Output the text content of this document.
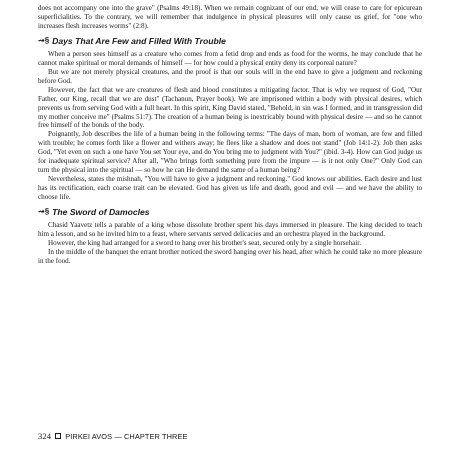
does not accompany one into the grave" (Psalms 49:18). When we remain cognizant of our end, we will cease to care for epicurean superficialities. To the contrary, we will remember that indulgence in physical pleasures will only cause us grief, for "one who increases flesh increases worms" (2:8).

⇝§ Days That Are Few and Filled With Trouble

When a person sees himself as a creature who comes from a fetid drop and ends as food for the worms, he may conclude that he cannot make spiritual or moral demands of himself — for how could a physical entity deny its corporeal nature?

But we are not merely physical creatures, and the proof is that our souls will in the end have to give a judgment and reckoning before God.

However, the fact that we are creatures of flesh and blood constitutes a mitigating factor. That is why we request of God, "Our Father, our King, recall that we are dust" (Tachanun, Prayer book). We are imprisoned within a body with physical desires, which prevents us from serving God with a full heart. In this spirit, King David stated, "Behold, in sin was I formed, and in transgression did my mother conceive me" (Psalms 51:7). The creation of a human being is inextricably bound with physical desire — and so he cannot free himself of the bonds of the body.

Poignantly, Job describes the life of a human being in the following terms: "The days of man, born of woman, are few and filled with trouble; he comes forth like a flower and withers away; he flees like a shadow and does not stand" (Job 14:1-2). Job then asks God, "Yet even on such a one have You set Your eye, and do You bring me to judgment with You?" (ibid. 3-4). How can God judge us for inadequate spiritual service? After all, "Who brings forth something pure from the impure — is it not only One?" Only God can turn the physical into the spiritual — so how he can He demand the same of a human being?

Nevertheless, states the mishnah, "You will have to give a judgment and reckoning." God knows our abilities. Each desire and lust has its rectification, each coarse trait can be elevated. God has given us life and death, good and evil — and we have the ability to choose life.

⇝§ The Sword of Damocles

Chasid Yaavetz tells a parable of a king whose dissolute brother spent his days immersed in pleasure. The king decided to teach him a lesson, and so he invited him to a feast, where servants served delicacies and an orchestra played in the background.

However, the king had arranged for a sword to hang over his brother's seat, secured only by a single horsehair.

In the middle of the banquet the errant brother noticed the sword hanging over his head, after which he could take no more pleasure in the food.

324 PIRKEI AVOS — CHAPTER THREE
